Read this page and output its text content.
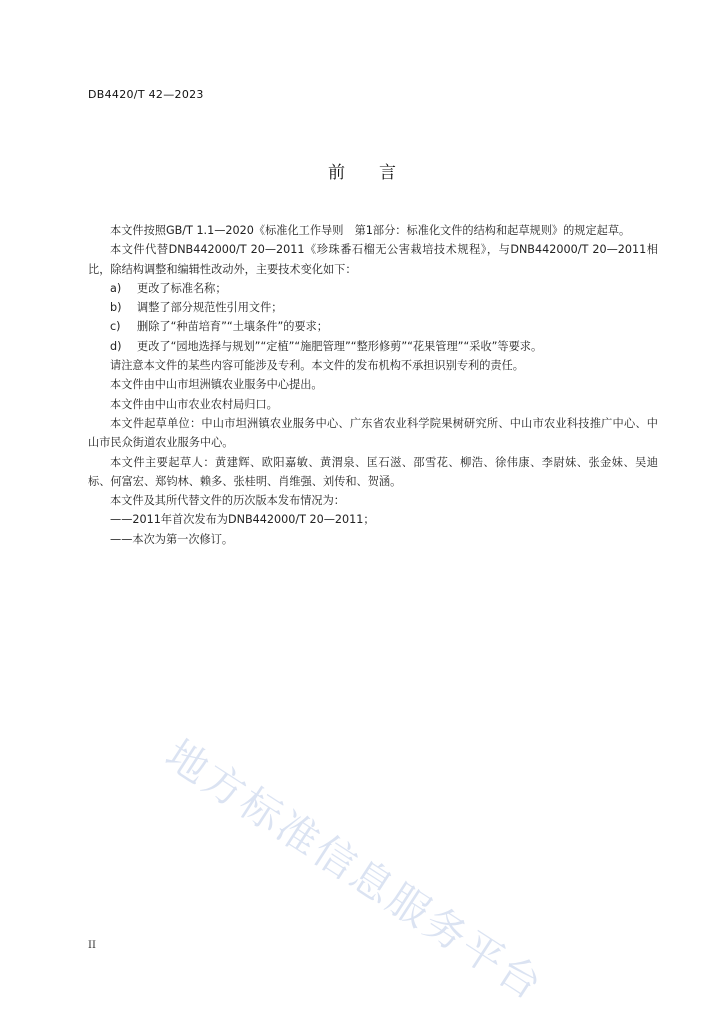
DB4420/T 42—2023
前言

本文件按照GB/T 1.1—2020《标准化工作导则　第1部分：标准化文件的结构和起草规则》的规定起草。

本文件代替DNB442000/T 20—2011《珍珠番石榴无公害栽培技术规程》，与DNB442000/T 20—2011相比，除结构调整和编辑性改动外，主要技术变化如下：

a) 更改了标准名称；

b) 调整了部分规范性引用文件；

c) 删除了“种苗培育”“土壤条件”的要求；

d) 更改了“园地选择与规划”“定植”“施肥管理”“整形修剪”“花果管理”“采收”等要求。

请注意本文件的某些内容可能涉及专利。本文件的发布机构不承担识别专利的责任。

本文件由中山市坦洲镇农业服务中心提出。

本文件由中山市农业农村局归口。

本文件起草单位：中山市坦洲镇农业服务中心、广东省农业科学院果树研究所、中山市农业科技推广中心、中山市民众街道农业服务中心。

本文件主要起草人：黄建辉、欧阳嘉敏、黄渭泉、匡石滋、邵雪花、柳浩、徐伟康、李尉妹、张金妹、吴迪标、何富宏、郑钧林、赖多、张桂明、肖维强、刘传和、贺涵。

本文件及其所代替文件的历次版本发布情况为：

——2011年首次发布为DNB442000/T 20—2011；

——本次为第一次修订。

地方标准信息服务平台
II
